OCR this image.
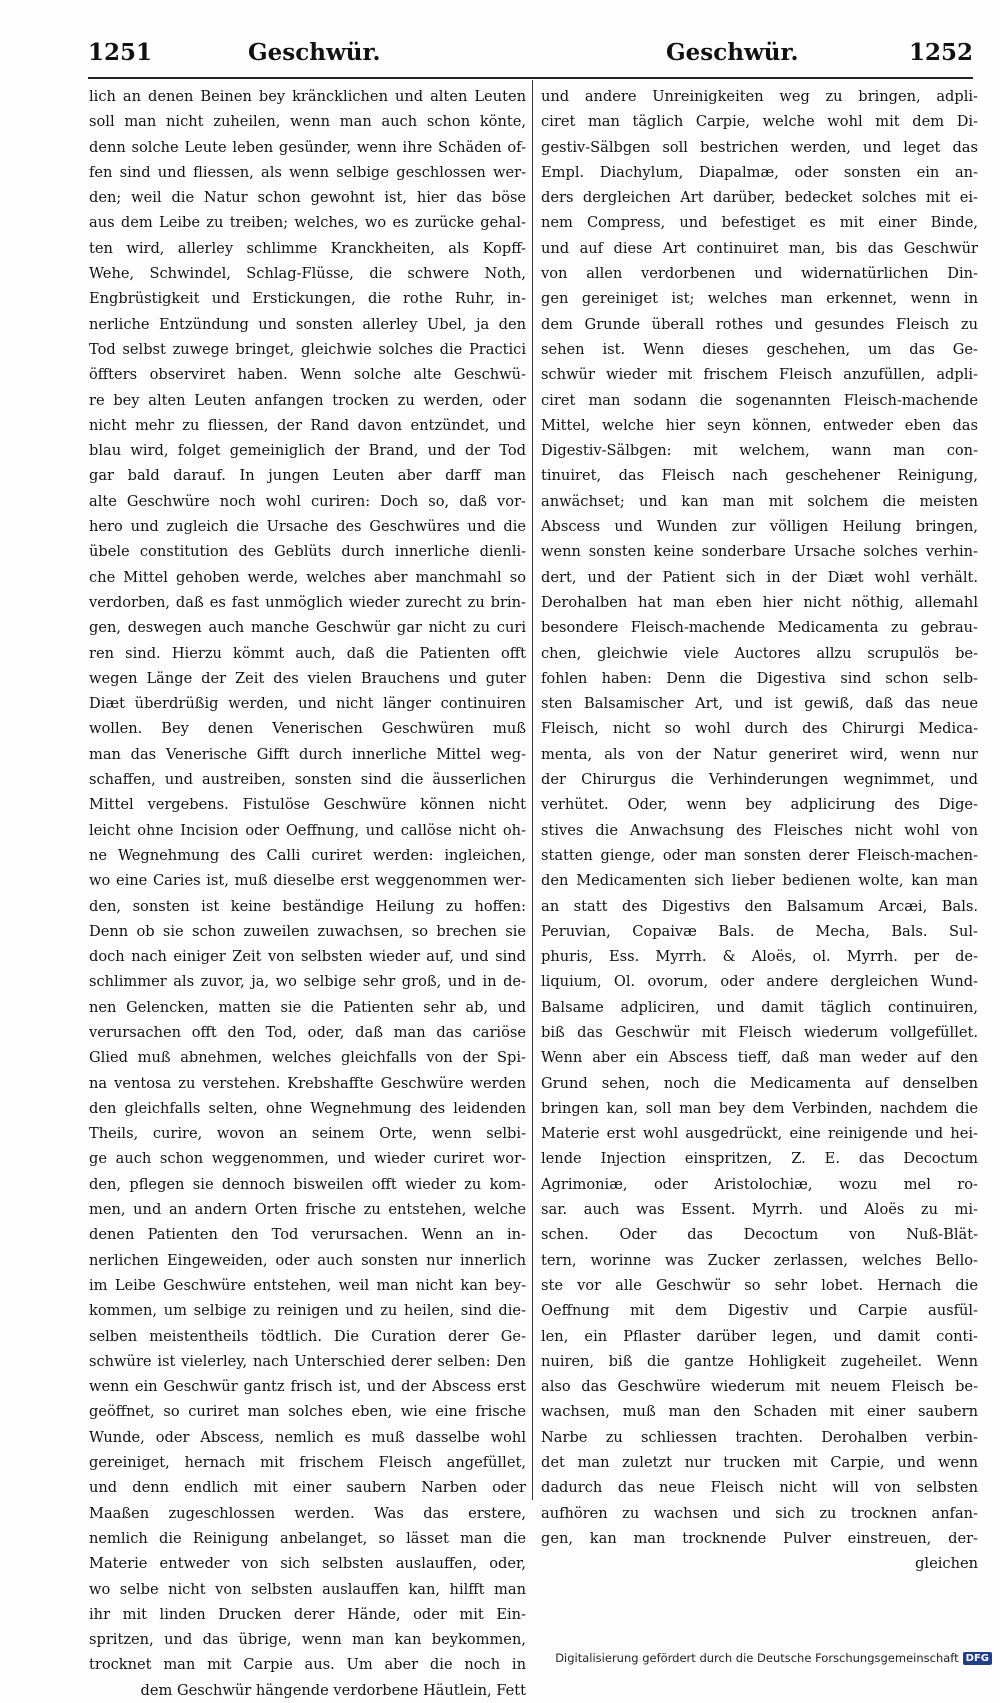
1251	Geschwür.	Geschwür.	1252
lich an denen Beinen bey kräncklichen und alten Leuten
soll man nicht zuheilen, wenn man auch schon könte,
denn solche Leute leben gesünder, wenn ihre Schäden of-
fen sind und fliessen, als wenn selbige geschlossen wer-
den; weil die Natur schon gewohnt ist, hier das böse
aus dem Leibe zu treiben; welches, wo es zurücke gehal-
ten wird, allerley schlimme Kranckheiten, als Kopff-
Wehe, Schwindel, Schlag-Flüsse, die schwere Noth,
Engbrüstigkeit und Erstickungen, die rothe Ruhr, in-
nerliche Entzündung und sonsten allerley Ubel, ja den
Tod selbst zuwege bringet, gleichwie solches die Practici
öffters observiret haben. Wenn solche alte Geschwü-
re bey alten Leuten anfangen trocken zu werden, oder
nicht mehr zu fliessen, der Rand davon entzündet, und
blau wird, folget gemeiniglich der Brand, und der Tod
gar bald darauf. In jungen Leuten aber darff man
alte Geschwüre noch wohl curiren: Doch so, daß vor-
hero und zugleich die Ursache des Geschwüres und die
übele constitution des Geblüts durch innerliche dienli-
che Mittel gehoben werde, welches aber manchmahl so
verdorben, daß es fast unmöglich wieder zurecht zu brin-
gen, deswegen auch manche Geschwür gar nicht zu curi
ren sind. Hierzu kömmt auch, daß die Patienten offt
wegen Länge der Zeit des vielen Brauchens und guter
Diæt überdrüßig werden, und nicht länger continuiren
wollen. Bey denen Venerischen Geschwüren muß
man das Venerische Gifft durch innerliche Mittel weg-
schaffen, und austreiben, sonsten sind die äusserlichen
Mittel vergebens. Fistulöse Geschwüre können nicht
leicht ohne Incision oder Oeffnung, und callöse nicht oh-
ne Wegnehmung des Calli curiret werden: ingleichen,
wo eine Caries ist, muß dieselbe erst weggenommen wer-
den, sonsten ist keine beständige Heilung zu hoffen:
Denn ob sie schon zuweilen zuwachsen, so brechen sie
doch nach einiger Zeit von selbsten wieder auf, und sind
schlimmer als zuvor, ja, wo selbige sehr groß, und in de-
nen Gelencken, matten sie die Patienten sehr ab, und
verursachen offt den Tod, oder, daß man das cariöse
Glied muß abnehmen, welches gleichfalls von der Spi-
na ventosa zu verstehen. Krebshaffte Geschwüre werden
den gleichfalls selten, ohne Wegnehmung des leidenden
Theils, curire, wovon an seinem Orte, wenn selbi-
ge auch schon weggenommen, und wieder curiret wor-
den, pflegen sie dennoch bisweilen offt wieder zu kom-
men, und an andern Orten frische zu entstehen, welche
denen Patienten den Tod verursachen. Wenn an in-
nerlichen Eingeweiden, oder auch sonsten nur innerlich
im Leibe Geschwüre entstehen, weil man nicht kan bey-
kommen, um selbige zu reinigen und zu heilen, sind die-
selben meistentheils tödtlich. Die Curation derer Ge-
schwüre ist vielerley, nach Unterschied derer selben: Den
wenn ein Geschwür gantz frisch ist, und der Abscess erst
geöffnet, so curiret man solches eben, wie eine frische
Wunde, oder Abscess, nemlich es muß dasselbe wohl
gereiniget, hernach mit frischem Fleisch angefüllet,
und denn endlich mit einer saubern Narben oder
Maaßen zugeschlossen werden. Was das erstere,
nemlich die Reinigung anbelanget, so lässet man die
Materie entweder von sich selbsten auslauffen, oder,
wo selbe nicht von selbsten auslauffen kan, hilfft man
ihr mit linden Drucken derer Hände, oder mit Ein-
spritzen, und das übrige, wenn man kan beykommen,
trocknet man mit Carpie aus. Um aber die noch in
dem Geschwür hängende verdorbene Häutlein, Fett
und andere Unreinigkeiten weg zu bringen, adpli-
ciret man täglich Carpie, welche wohl mit dem Di-
gestiv-Sälbgen soll bestrichen werden, und leget das
Empl. Diachylum, Diapalmæ, oder sonsten ein an-
ders dergleichen Art darüber, bedecket solches mit ei-
nem Compress, und befestiget es mit einer Binde,
und auf diese Art continuiret man, bis das Geschwür
von allen verdorbenen und widernatürlichen Din-
gen gereiniget ist; welches man erkennet, wenn in
dem Grunde überall rothes und gesundes Fleisch zu
sehen ist. Wenn dieses geschehen, um das Ge-
schwür wieder mit frischem Fleisch anzufüllen, adpli-
ciret man sodann die sogenannten Fleisch-machende
Mittel, welche hier seyn können, entweder eben das
Digestiv-Sälbgen: mit welchem, wann man con-
tinuiret, das Fleisch nach geschehener Reinigung,
anwächset; und kan man mit solchem die meisten
Abscess und Wunden zur völligen Heilung bringen,
wenn sonsten keine sonderbare Ursache solches verhin-
dert, und der Patient sich in der Diæt wohl verhält.
Derohalben hat man eben hier nicht nöthig, allemahl
besondere Fleisch-machende Medicamenta zu gebrau-
chen, gleichwie viele Auctores allzu scrupulös be-
fohlen haben: Denn die Digestiva sind schon selb-
sten Balsamischer Art, und ist gewiß, daß das neue
Fleisch, nicht so wohl durch des Chirurgi Medica-
menta, als von der Natur generiret wird, wenn nur
der Chirurgus die Verhinderungen wegnimmet, und
verhütet. Oder, wenn bey adplicirung des Dige-
stives die Anwachsung des Fleisches nicht wohl von
statten gienge, oder man sonsten derer Fleisch-machen-
den Medicamenten sich lieber bedienen wolte, kan man
an statt des Digestivs den Balsamum Arcæi, Bals.
Peruvian, Copaivæ Bals. de Mecha, Bals. Sul-
phuris, Ess. Myrrh. & Aloës, ol. Myrrh. per de-
liquium, Ol. ovorum, oder andere dergleichen Wund-
Balsame adpliciren, und damit täglich continuiren,
biß das Geschwür mit Fleisch wiederum vollgefüllet.
Wenn aber ein Abscess tieff, daß man weder auf den
Grund sehen, noch die Medicamenta auf denselben
bringen kan, soll man bey dem Verbinden, nachdem die
Materie erst wohl ausgedrückt, eine reinigende und hei-
lende Injection einspritzen, Z. E. das Decoctum
Agrimoniæ, oder Aristolochiæ, wozu mel ro-
sar. auch was Essent. Myrrh. und Aloës zu mi-
schen. Oder das Decoctum von Nuß-Blät-
tern, worinne was Zucker zerlassen, welches Bello-
ste vor alle Geschwür so sehr lobet. Hernach die
Oeffnung mit dem Digestiv und Carpie ausfül-
len, ein Pflaster darüber legen, und damit conti-
nuiren, biß die gantze Hohligkeit zugeheilet. Wenn
also das Geschwüre wiederum mit neuem Fleisch be-
wachsen, muß man den Schaden mit einer saubern
Narbe zu schliessen trachten. Derohalben verbin-
det man zuletzt nur trucken mit Carpie, und wenn
dadurch das neue Fleisch nicht will von selbsten
aufhören zu wachsen und sich zu trocknen anfan-
gen, kan man trocknende Pulver einstreuen, der-
gleichen
Digitalisierung gefördert durch die Deutsche Forschungsgemeinschaft DFG
